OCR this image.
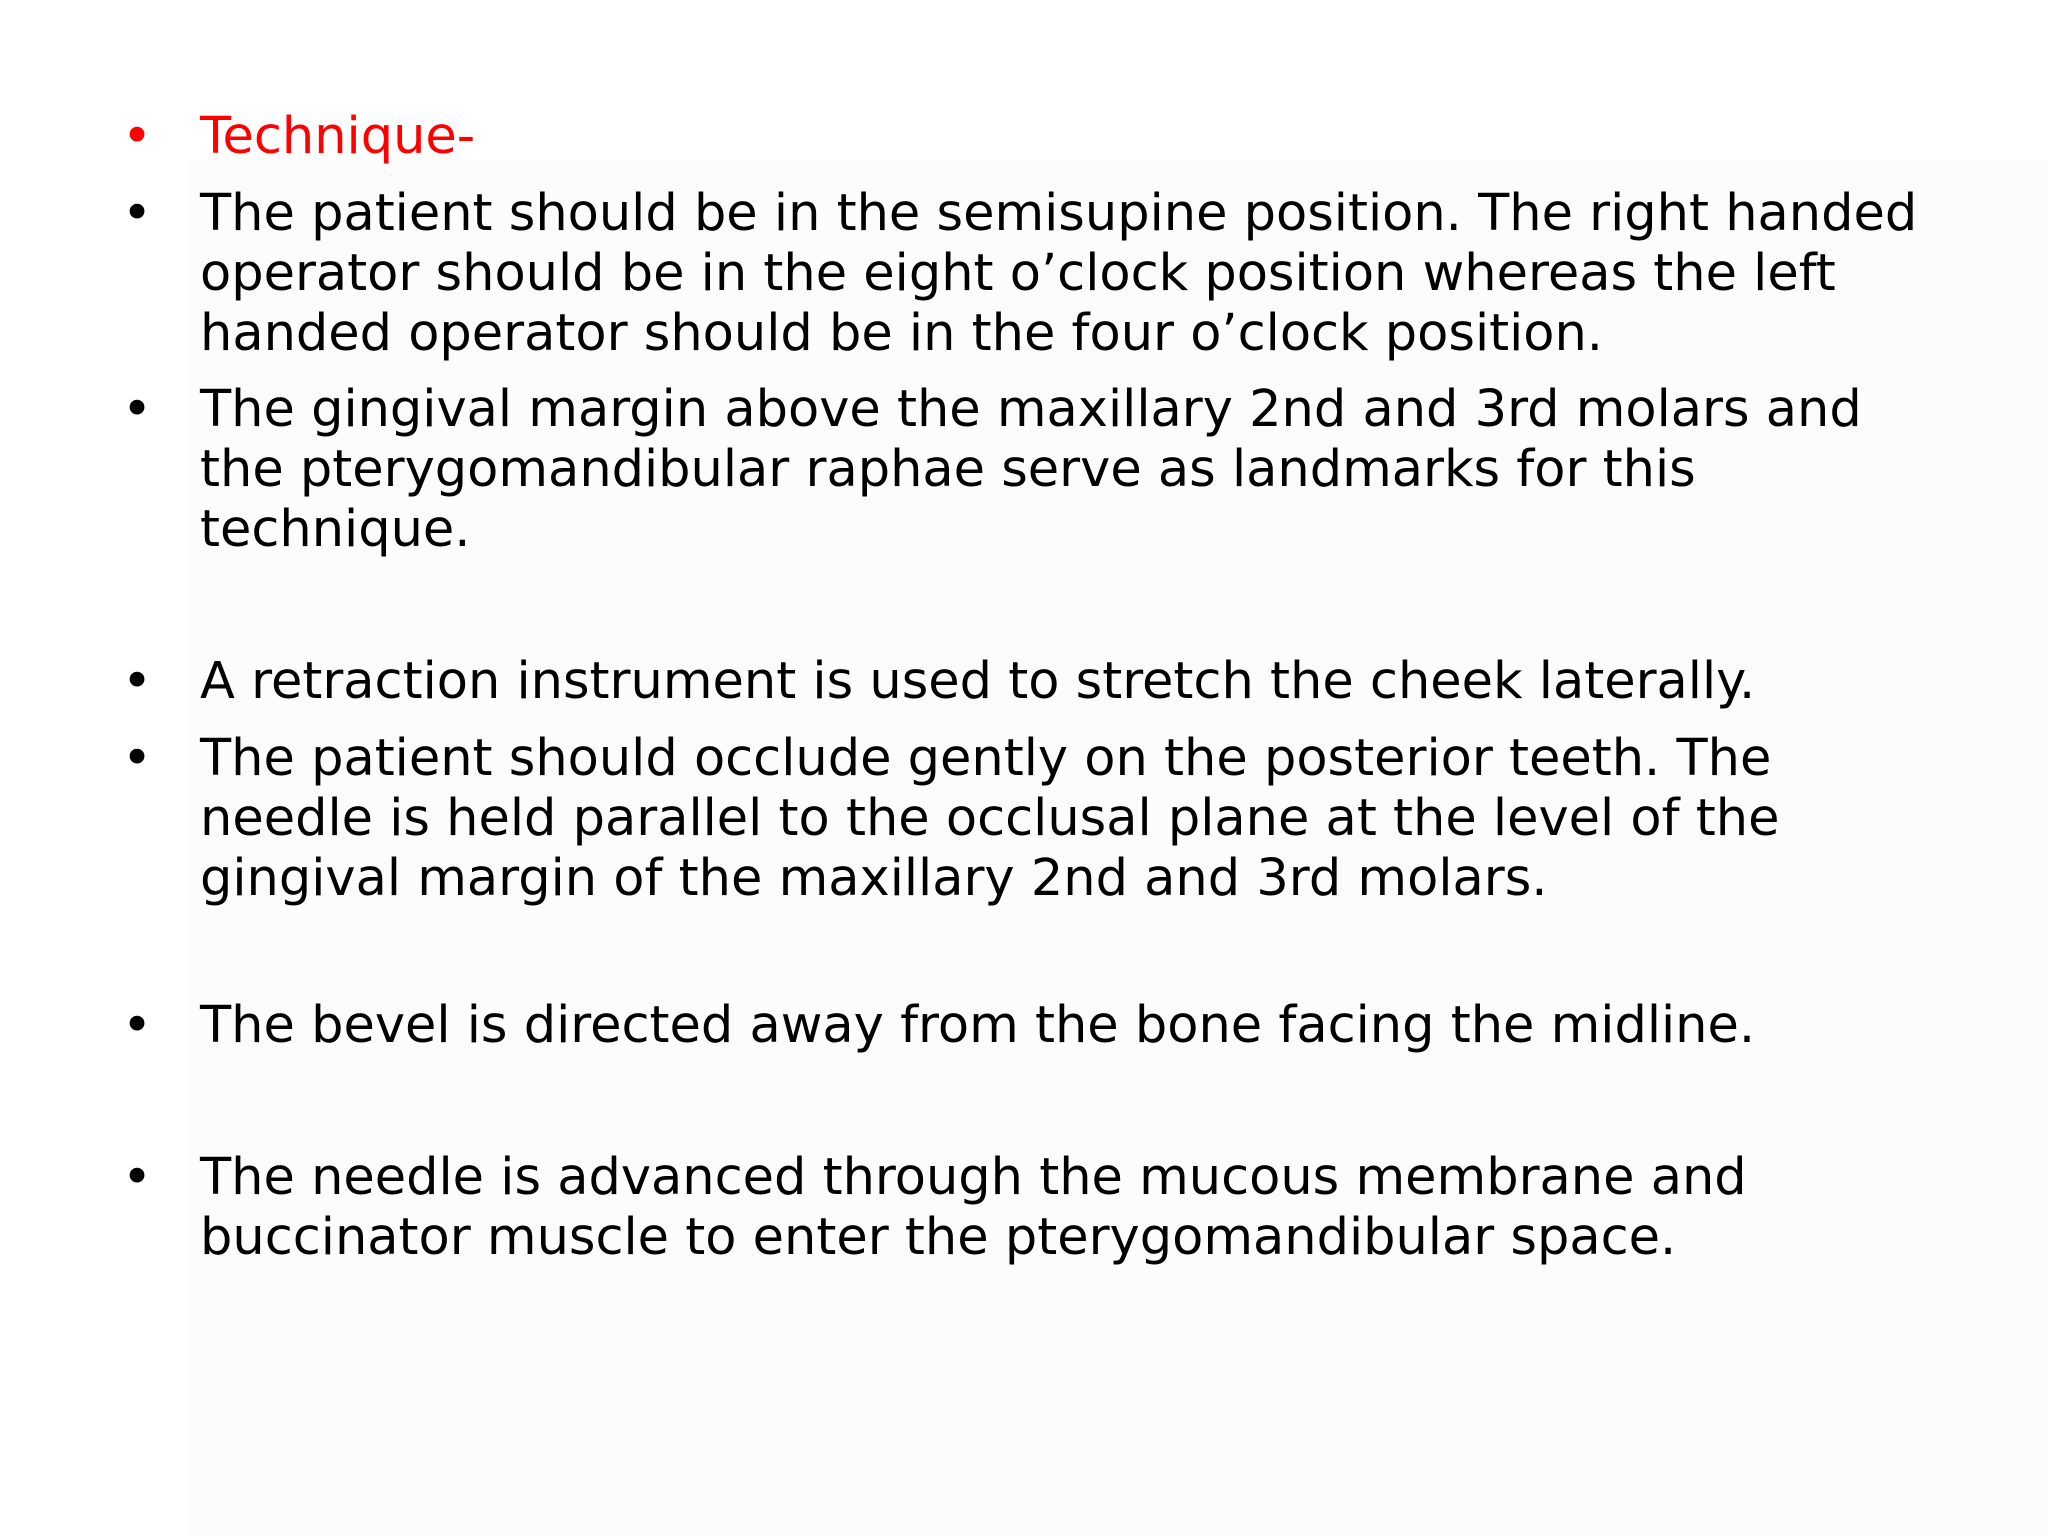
• Technique-
• The patient should be in the semisupine position. The right handed
operator should be in the eight o’clock position whereas the left
handed operator should be in the four o’clock position.
• The gingival margin above the maxillary 2nd and 3rd molars and
the pterygomandibular raphae serve as landmarks for this
technique.
• A retraction instrument is used to stretch the cheek laterally.
• The patient should occlude gently on the posterior teeth. The
needle is held parallel to the occlusal plane at the level of the
gingival margin of the maxillary 2nd and 3rd molars.
• The bevel is directed away from the bone facing the midline.
• The needle is advanced through the mucous membrane and
buccinator muscle to enter the pterygomandibular space.
